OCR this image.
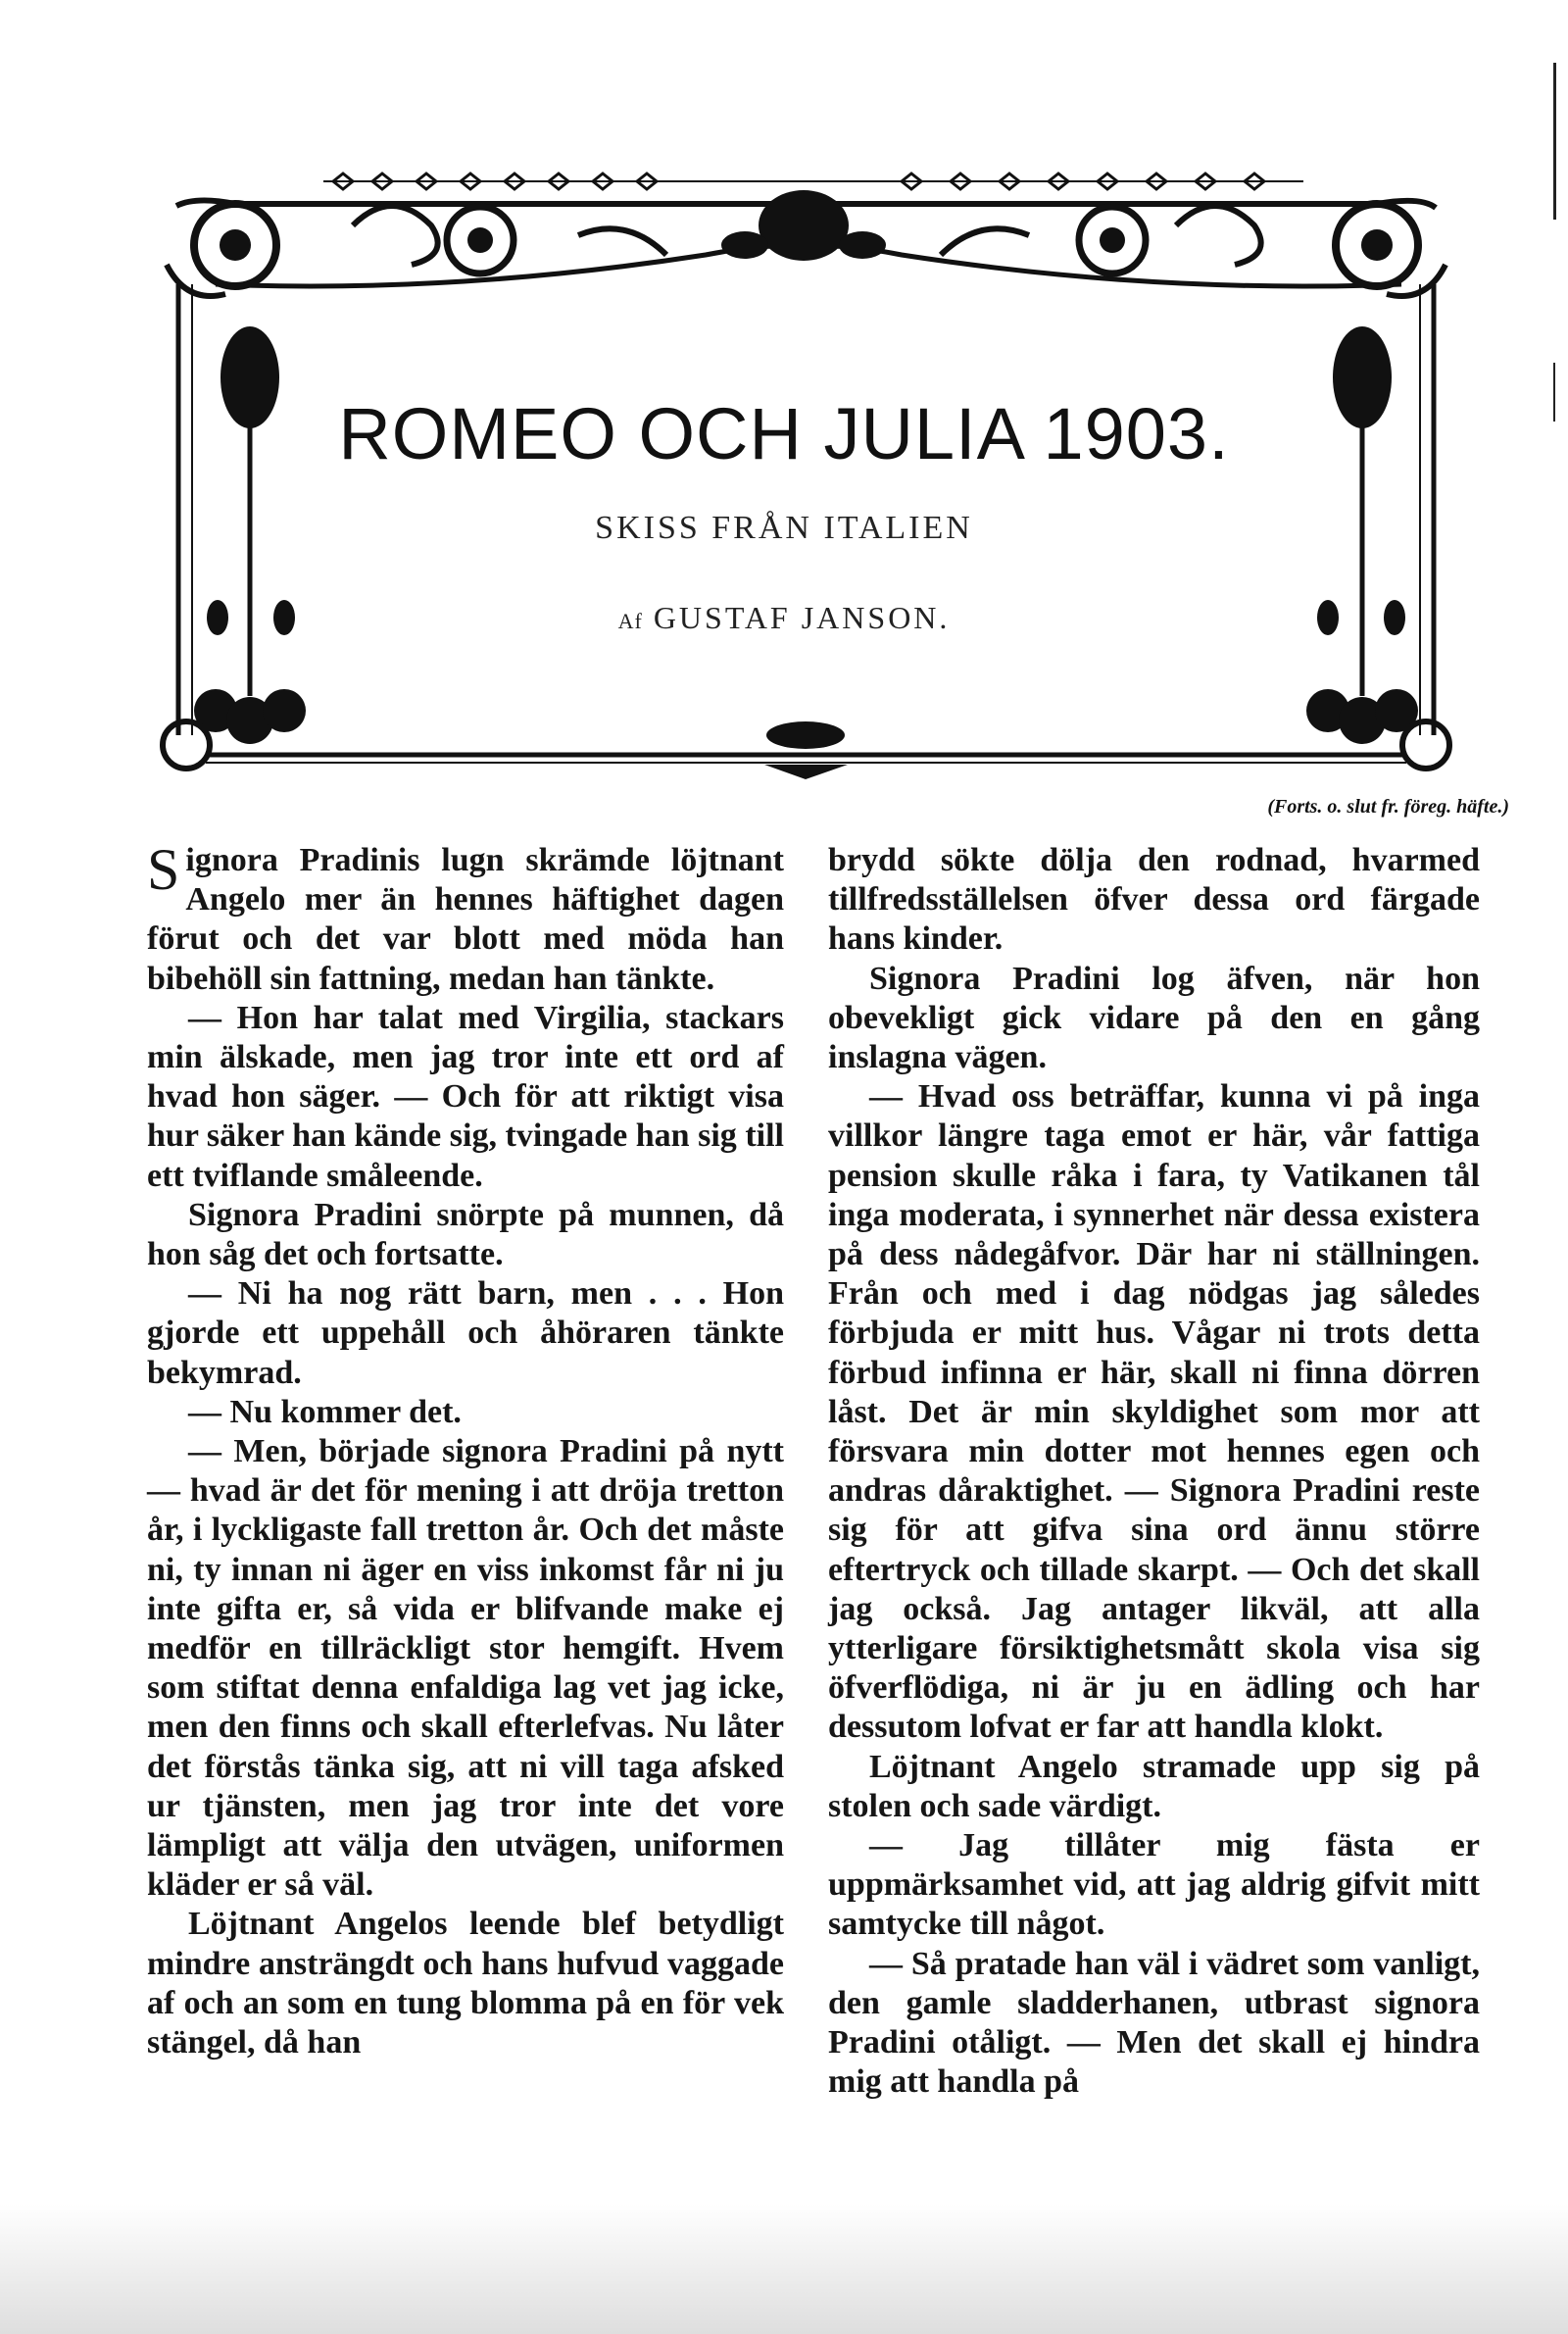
ROMEO OCH JULIA 1903.
SKISS FRÅN ITALIEN
Af GUSTAF JANSON.
(Forts. o. slut fr. föreg. häfte.)

Signora Pradinis lugn skrämde löjtnant Angelo mer än hennes häftighet dagen förut och det var blott med möda han bibehöll sin fattning, medan han tänkte.

— Hon har talat med Virgilia, stackars min älskade, men jag tror inte ett ord af hvad hon säger. — Och för att riktigt visa hur säker han kände sig, tvingade han sig till ett tviflande småleende.

Signora Pradini snörpte på munnen, då hon såg det och fortsatte.

— Ni ha nog rätt barn, men . . . Hon gjorde ett uppehåll och åhöraren tänkte bekymrad.

— Nu kommer det.

— Men, började signora Pradini på nytt — hvad är det för mening i att dröja tretton år, i lyckligaste fall tretton år. Och det måste ni, ty innan ni äger en viss inkomst får ni ju inte gifta er, så vida er blifvande make ej medför en tillräckligt stor hemgift. Hvem som stiftat denna enfaldiga lag vet jag icke, men den finns och skall efterlefvas. Nu låter det förstås tänka sig, att ni vill taga afsked ur tjänsten, men jag tror inte det vore lämpligt att välja den utvägen, uniformen kläder er så väl.

Löjtnant Angelos leende blef betydligt mindre ansträngdt och hans hufvud vaggade af och an som en tung blomma på en för vek stängel, då han

brydd sökte dölja den rodnad, hvarmed tillfredsställelsen öfver dessa ord färgade hans kinder.

Signora Pradini log äfven, när hon obevekligt gick vidare på den en gång inslagna vägen.

— Hvad oss beträffar, kunna vi på inga villkor längre taga emot er här, vår fattiga pension skulle råka i fara, ty Vatikanen tål inga moderata, i synnerhet när dessa existera på dess nådegåfvor. Där har ni ställningen. Från och med i dag nödgas jag således förbjuda er mitt hus. Vågar ni trots detta förbud infinna er här, skall ni finna dörren låst. Det är min skyldighet som mor att försvara min dotter mot hennes egen och andras dåraktighet. — Signora Pradini reste sig för att gifva sina ord ännu större eftertryck och tillade skarpt. — Och det skall jag också. Jag antager likväl, att alla ytterligare försiktighetsmått skola visa sig öfverflödiga, ni är ju en ädling och har dessutom lofvat er far att handla klokt.

Löjtnant Angelo stramade upp sig på stolen och sade värdigt.

— Jag tillåter mig fästa er uppmärksamhet vid, att jag aldrig gifvit mitt samtycke till något.

— Så pratade han väl i vädret som vanligt, den gamle sladderhanen, utbrast signora Pradini otåligt. — Men det skall ej hindra mig att handla på
